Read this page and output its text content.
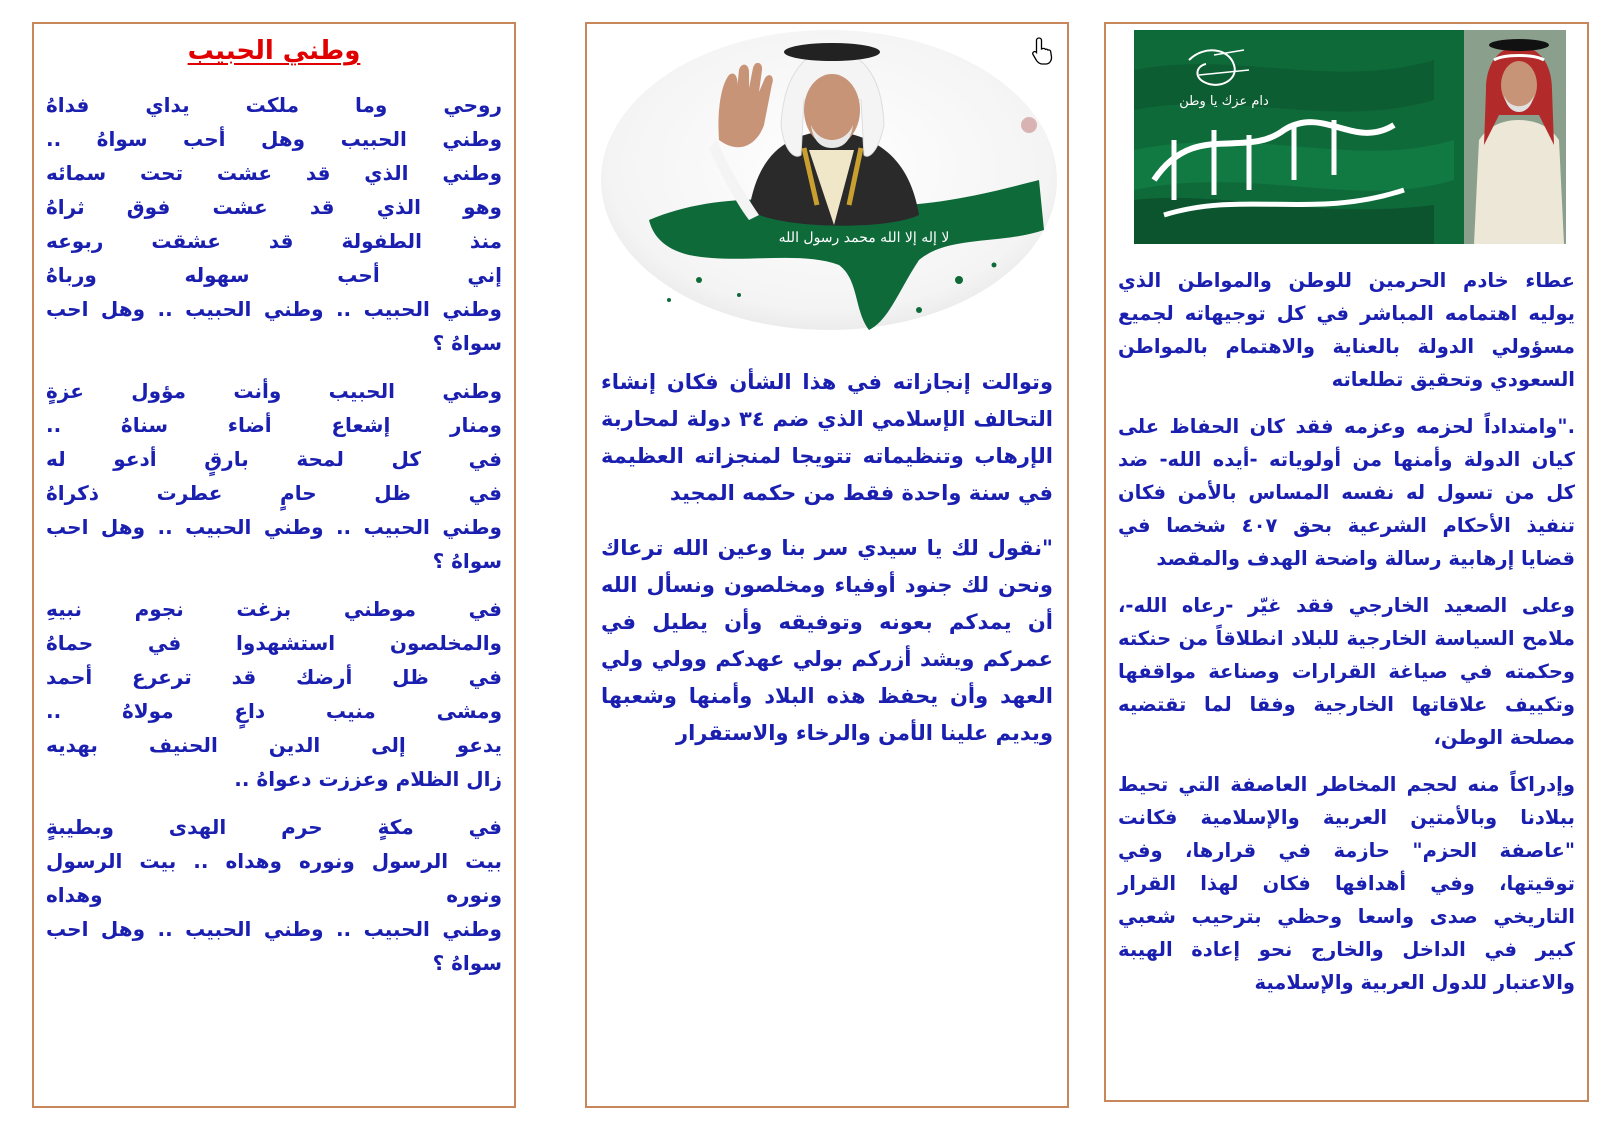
وطني الحبيب
روحي وما ملكت يداي فداهُ
وطني الحبيب وهل أحب سواهُ ..
وطني الذي قد عشت تحت سمائه
وهو الذي قد عشت فوق ثراهُ
منذ الطفولة قد عشقت ربوعه
إني أحب سهوله ورباهُ
وطني الحبيب .. وطني الحبيب .. وهل احب
سواهُ ؟
وطني الحبيب وأنت مؤول عزةٍ
ومنار إشعاع أضاء سناهُ ..
في كل لمحة بارقٍ أدعو له
في ظل حامٍ عطرت ذكراهُ
وطني الحبيب .. وطني الحبيب .. وهل احب
سواهُ ؟
في موطني بزغت نجوم نبيهِ
والمخلصون استشهدوا في حماهُ
في ظل أرضك قد ترعرع أحمد
ومشى منيب داعٍ مولاهُ ..
يدعو إلى الدين الحنيف بهديه
زال الظلام وعززت دعواهُ ..
في مكةٍ حرم الهدى وبطيبةٍ
بيت الرسول ونوره وهداه .. بيت الرسول
ونوره وهداه
وطني الحبيب .. وطني الحبيب .. وهل احب
سواهُ ؟
لا إله إلا الله محمد رسول الله

وتوالت إنجازاته في هذا الشأن فكان إنشاء التحالف الإسلامي الذي ضم ٣٤ دولة لمحاربة الإرهاب وتنظيماته تتويجا لمنجزاته العظيمة في سنة واحدة فقط من حكمه المجيد

"نقول لك يا سيدي سر بنا وعين الله ترعاك ونحن لك جنود أوفياء ومخلصون ونسأل الله أن يمدكم بعونه وتوفيقه وأن يطيل في عمركم ويشد أزركم بولي عهدكم وولي ولي العهد وأن يحفظ هذه البلاد وأمنها وشعبها ويديم علينا الأمن والرخاء والاستقرار

دام عزك يا وطن

عطاء خادم الحرمين للوطن والمواطن الذي يوليه اهتمامه المباشر في كل توجيهاته لجميع مسؤولي الدولة بالعناية والاهتمام بالمواطن السعودي وتحقيق تطلعاته

."وامتداداً لحزمه وعزمه فقد كان الحفاظ على كيان الدولة وأمنها من أولوياته -أيده الله- ضد كل من تسول له نفسه المساس بالأمن فكان تنفيذ الأحكام الشرعية بحق ٤٠٧ شخصا في قضايا إرهابية رسالة واضحة الهدف والمقصد

وعلى الصعيد الخارجي فقد غيّر -رعاه الله-، ملامح السياسة الخارجية للبلاد انطلاقاً من حنكته وحكمته في صياغة القرارات وصناعة مواقفها وتكييف علاقاتها الخارجية وفقا لما تقتضيه مصلحة الوطن،

وإدراكاً منه لحجم المخاطر العاصفة التي تحيط ببلادنا وبالأمتين العربية والإسلامية فكانت "عاصفة الحزم" حازمة في قرارها، وفي توقيتها، وفي أهدافها فكان لهذا القرار التاريخي صدى واسعا وحظي بترحيب شعبي كبير في الداخل والخارج نحو إعادة الهيبة والاعتبار للدول العربية والإسلامية
